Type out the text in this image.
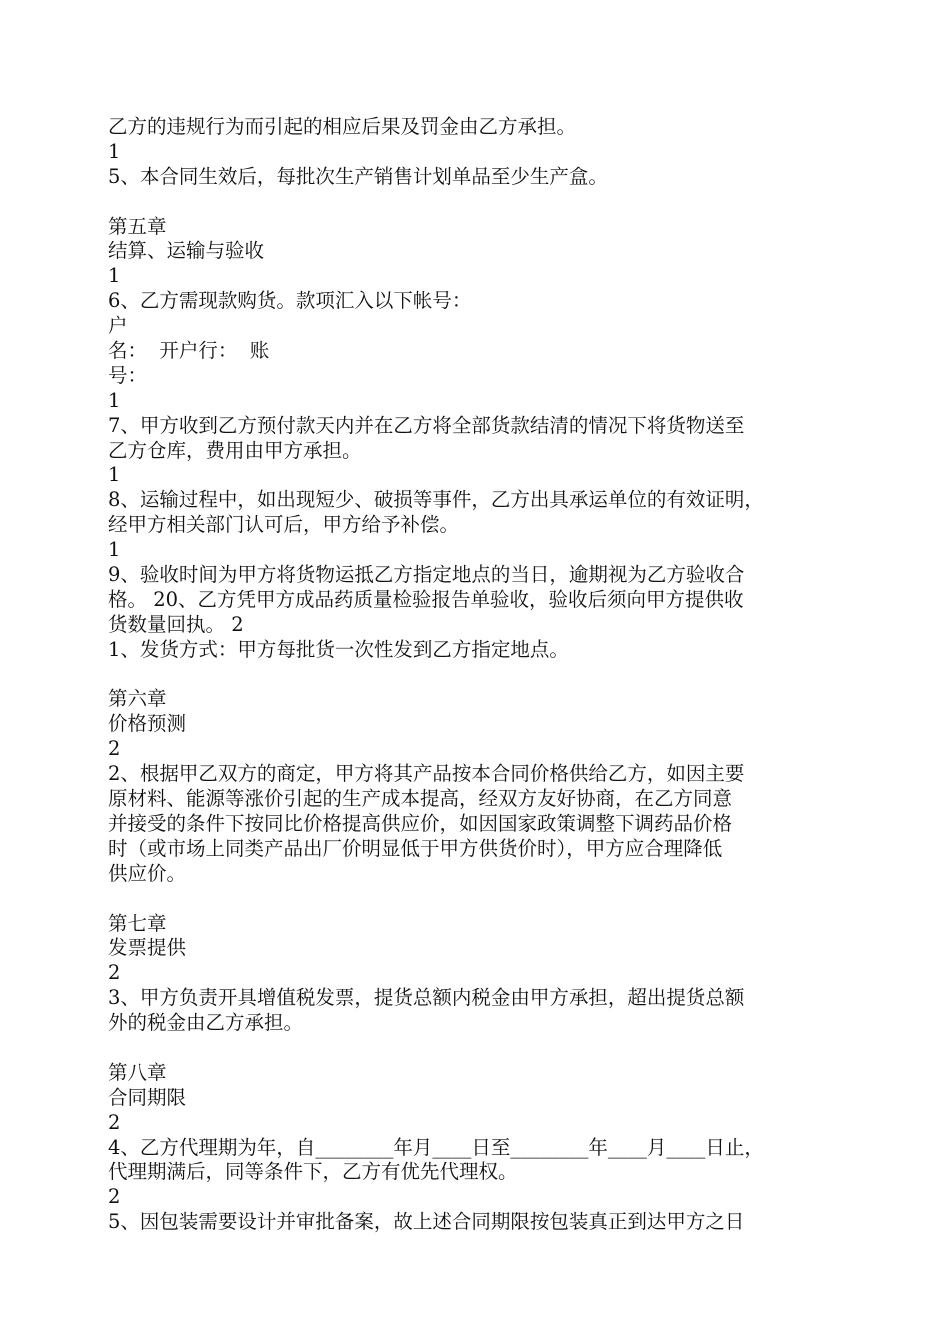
乙方的违规行为而引起的相应后果及罚金由乙方承担。
1
5、本合同生效后，每批次生产销售计划单品至少生产盒。
第五章
结算、运输与验收
1
6、乙方需现款购货。款项汇入以下帐号：
户
名：  开户行：  账
号：
1
7、甲方收到乙方预付款天内并在乙方将全部货款结清的情况下将货物送至
乙方仓库，费用由甲方承担。
1
8、运输过程中，如出现短少、破损等事件，乙方出具承运单位的有效证明，
经甲方相关部门认可后，甲方给予补偿。
1
9、验收时间为甲方将货物运抵乙方指定地点的当日，逾期视为乙方验收合
格。 20、乙方凭甲方成品药质量检验报告单验收，验收后须向甲方提供收
货数量回执。 2
1、发货方式：甲方每批货一次性发到乙方指定地点。
第六章
价格预测
2
2、根据甲乙双方的商定，甲方将其产品按本合同价格供给乙方，如因主要
原材料、能源等涨价引起的生产成本提高，经双方友好协商，在乙方同意
并接受的条件下按同比价格提高供应价，如因国家政策调整下调药品价格
时（或市场上同类产品出厂价明显低于甲方供货价时），甲方应合理降低
供应价。
第七章
发票提供
2
3、甲方负责开具增值税发票，提货总额内税金由甲方承担，超出提货总额
外的税金由乙方承担。
第八章
合同期限
2
4、乙方代理期为年，自________年月____日至________年____月____日止，
代理期满后，同等条件下，乙方有优先代理权。
2
5、因包装需要设计并审批备案，故上述合同期限按包装真正到达甲方之日
